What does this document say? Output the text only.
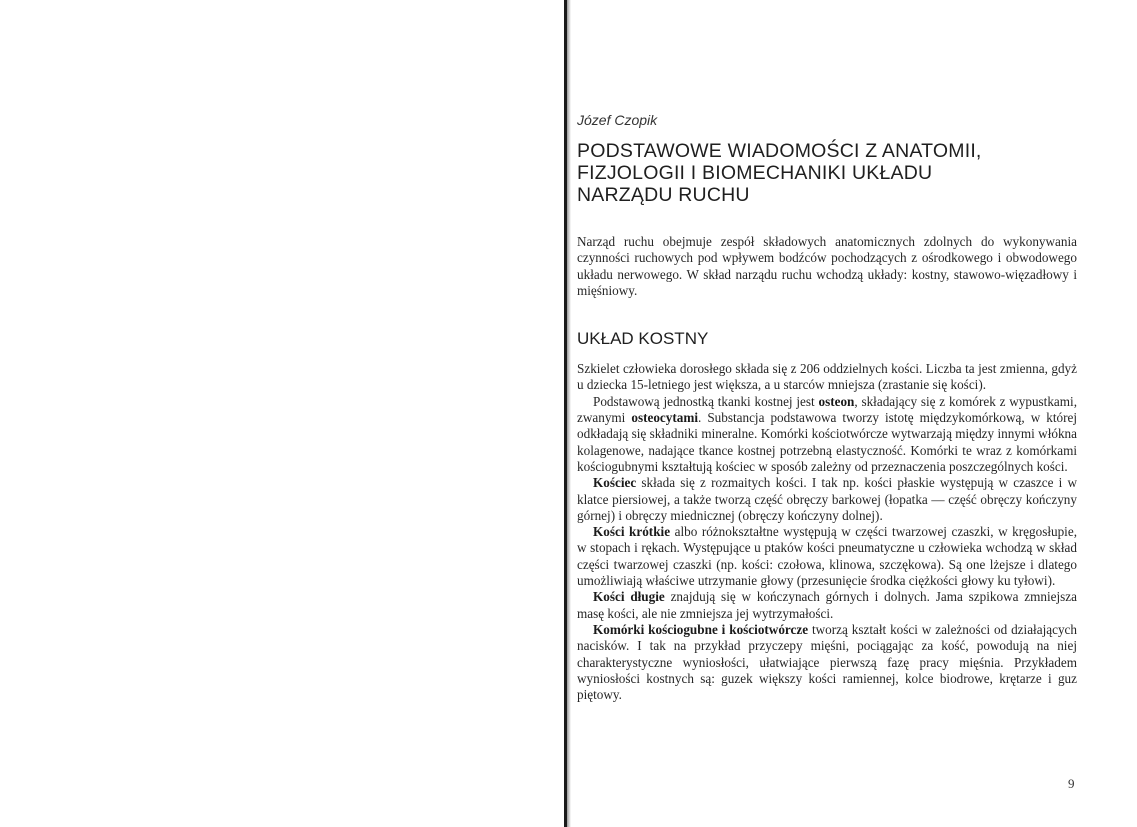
Józef Czopik
PODSTAWOWE WIADOMOŚCI Z ANATOMII,
FIZJOLOGII I BIOMECHANIKI UKŁADU
NARZĄDU RUCHU

Narząd ruchu obejmuje zespół składowych anatomicznych zdolnych do wykonywania czynności ruchowych pod wpływem bodźców pochodzących z ośrodkowego i obwodowego układu nerwowego. W skład narządu ruchu wchodzą układy: kostny, stawowo-więzadłowy i mięśniowy.

UKŁAD KOSTNY

Szkielet człowieka dorosłego składa się z 206 oddzielnych kości. Liczba ta jest zmienna, gdyż u dziecka 15-letniego jest większa, a u starców mniejsza (zrastanie się kości).

Podstawową jednostką tkanki kostnej jest osteon, składający się z komórek z wypustkami, zwanymi osteocytami. Substancja podstawowa tworzy istotę międzykomórkową, w której odkładają się składniki mineralne. Komórki kościotwórcze wytwarzają między innymi włókna kolagenowe, nadające tkance kostnej potrzebną elastyczność. Komórki te wraz z komórkami kościogubnymi kształtują kościec w sposób zależny od przeznaczenia poszczególnych kości.

Kościec składa się z rozmaitych kości. I tak np. kości płaskie występują w czaszce i w klatce piersiowej, a także tworzą część obręczy barkowej (łopatka — część obręczy kończyny górnej) i obręczy miednicznej (obręczy kończyny dolnej).

Kości krótkie albo różnokształtne występują w części twarzowej czaszki, w kręgosłupie, w stopach i rękach. Występujące u ptaków kości pneumatyczne u człowieka wchodzą w skład części twarzowej czaszki (np. kości: czołowa, klinowa, szczękowa). Są one lżejsze i dlatego umożliwiają właściwe utrzymanie głowy (przesunięcie środka ciężkości głowy ku tyłowi).

Kości długie znajdują się w kończynach górnych i dolnych. Jama szpikowa zmniejsza masę kości, ale nie zmniejsza jej wytrzymałości.

Komórki kościogubne i kościotwórcze tworzą kształt kości w zależności od działających nacisków. I tak na przykład przyczepy mięśni, pociągając za kość, powodują na niej charakterystyczne wyniosłości, ułatwiające pierwszą fazę pracy mięśnia. Przykładem wyniosłości kostnych są: guzek większy kości ramiennej, kolce biodrowe, krętarze i guz piętowy.

9
